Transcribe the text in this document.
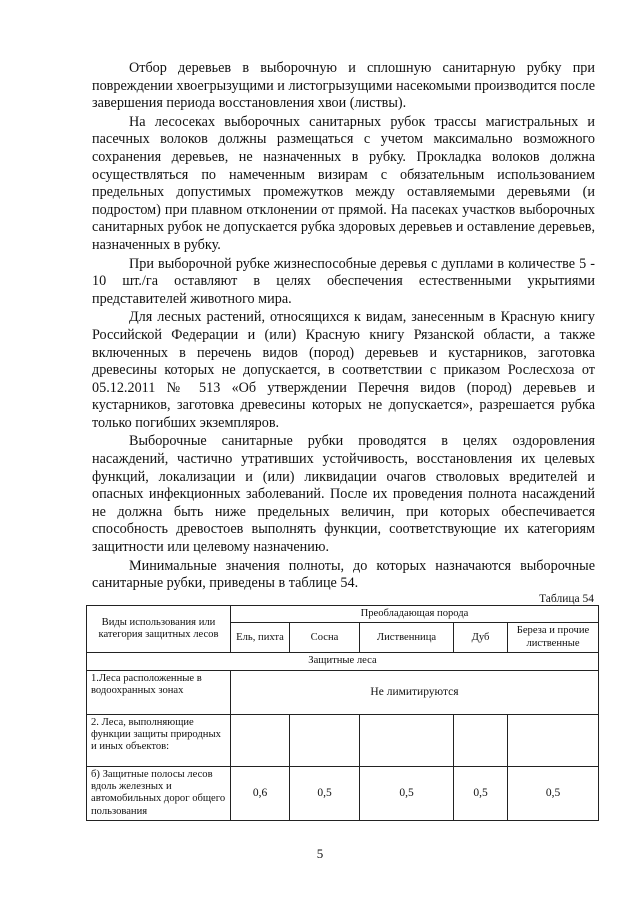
Отбор деревьев в выборочную и сплошную санитарную рубку при повреждении хвоегрызущими и листогрызущими насекомыми производится после завершения периода восстановления хвои (листвы).

На лесосеках выборочных санитарных рубок трассы магистральных и пасечных волоков должны размещаться с учетом максимально возможного сохранения деревьев, не назначенных в рубку. Прокладка волоков должна осуществляться по намеченным визирам с обязательным использованием предельных допустимых промежутков между оставляемыми деревьями (и подростом) при плавном отклонении от прямой. На пасеках участков выборочных санитарных рубок не допускается рубка здоровых деревьев и оставление деревьев, назначенных в рубку.

При выборочной рубке жизнеспособные деревья с дуплами в количестве 5 - 10 шт./га оставляют в целях обеспечения естественными укрытиями представителей животного мира.

Для лесных растений, относящихся к видам, занесенным в Красную книгу Российской Федерации и (или) Красную книгу Рязанской области, а также включенных в перечень видов (пород) деревьев и кустарников, заготовка древесины которых не допускается, в соответствии с приказом Рослесхоза от 05.12.2011 № 513 «Об утверждении Перечня видов (пород) деревьев и кустарников, заготовка древесины которых не допускается», разрешается рубка только погибших экземпляров.

Выборочные санитарные рубки проводятся в целях оздоровления насаждений, частично утративших устойчивость, восстановления их целевых функций, локализации и (или) ликвидации очагов стволовых вредителей и опасных инфекционных заболеваний. После их проведения полнота насаждений не должна быть ниже предельных величин, при которых обеспечивается способность древостоев выполнять функции, соответствующие их категориям защитности или целевому назначению.

Минимальные значения полноты, до которых назначаются выборочные санитарные рубки, приведены в таблице 54.

Таблица 54
Виды использования или категория защитных лесов	Преобладающая порода				
	Ель, пихта	Сосна	Лиственница	Дуб	Береза и прочие лиственные
Защитные леса					
1.Леса расположенные в водоохранных зонах	Не лимитируются				
2. Леса, выполняющие функции защиты природных и иных объектов:					
б) Защитные полосы лесов вдоль железных и автомобильных дорог общего пользования	0,6	0,5	0,5	0,5	0,5
5
